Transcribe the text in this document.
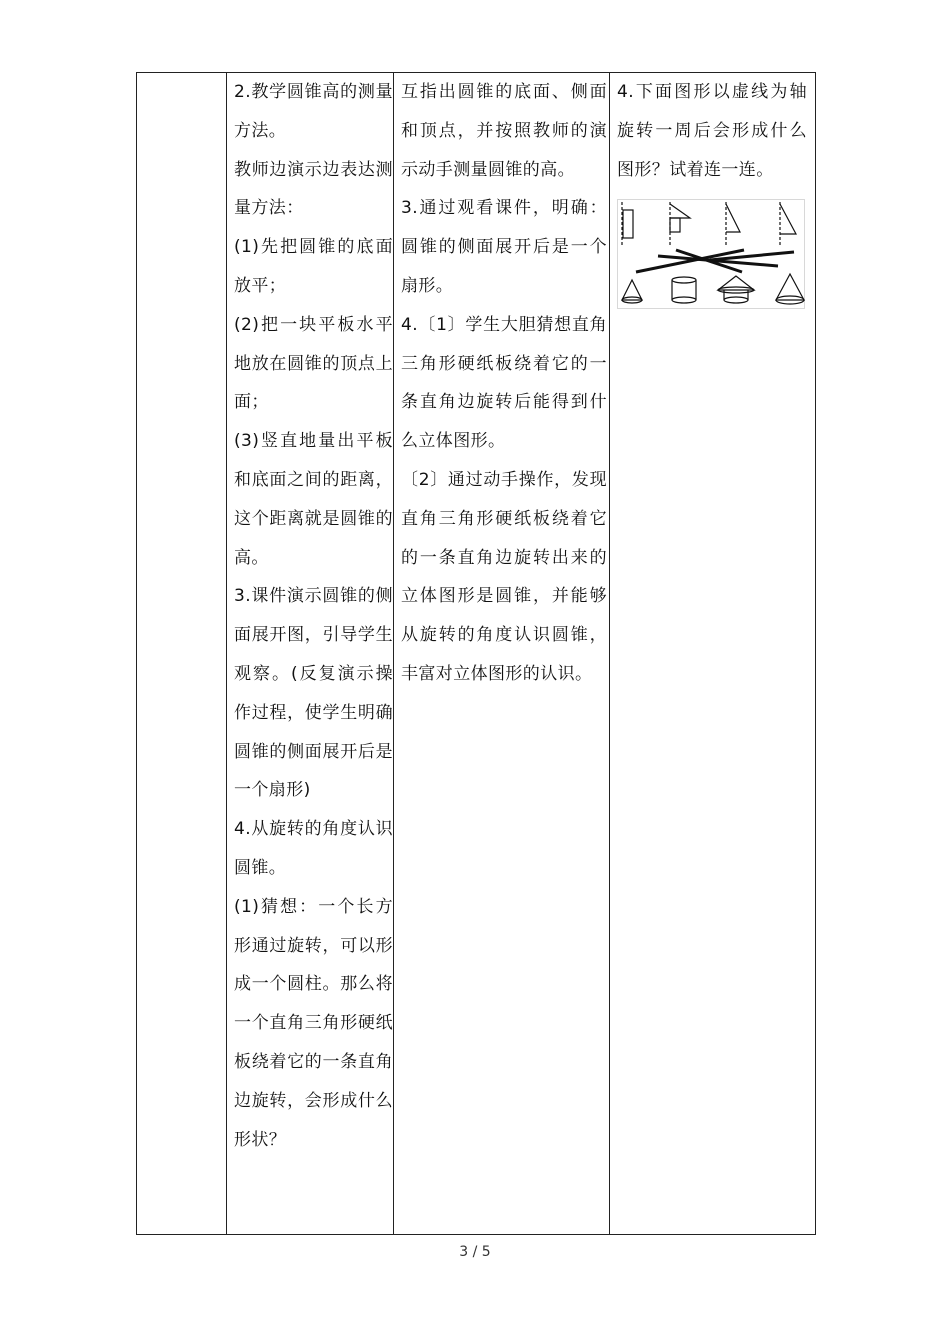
2.教学圆锥高的测量方法。

教师边演示边表达测量方法：

(1)先把圆锥的底面放平；

(2)把一块平板水平地放在圆锥的顶点上面；

(3)竖直地量出平板和底面之间的距离，这个距离就是圆锥的高。

3.课件演示圆锥的侧面展开图，引导学生观察。(反复演示操作过程，使学生明确圆锥的侧面展开后是一个扇形)

4.从旋转的角度认识圆锥。

(1)猜想：一个长方形通过旋转，可以形成一个圆柱。那么将一个直角三角形硬纸板绕着它的一条直角边旋转，会形成什么形状？

互指出圆锥的底面、侧面和顶点，并按照教师的演示动手测量圆锥的高。

3.通过观看课件，明确：圆锥的侧面展开后是一个扇形。

4.〔1〕学生大胆猜想直角三角形硬纸板绕着它的一条直角边旋转后能得到什么立体图形。

〔2〕通过动手操作，发现直角三角形硬纸板绕着它的一条直角边旋转出来的立体图形是圆锥，并能够从旋转的角度认识圆锥，丰富对立体图形的认识。

4.下面图形以虚线为轴旋转一周后会形成什么图形？试着连一连。

3 / 5
